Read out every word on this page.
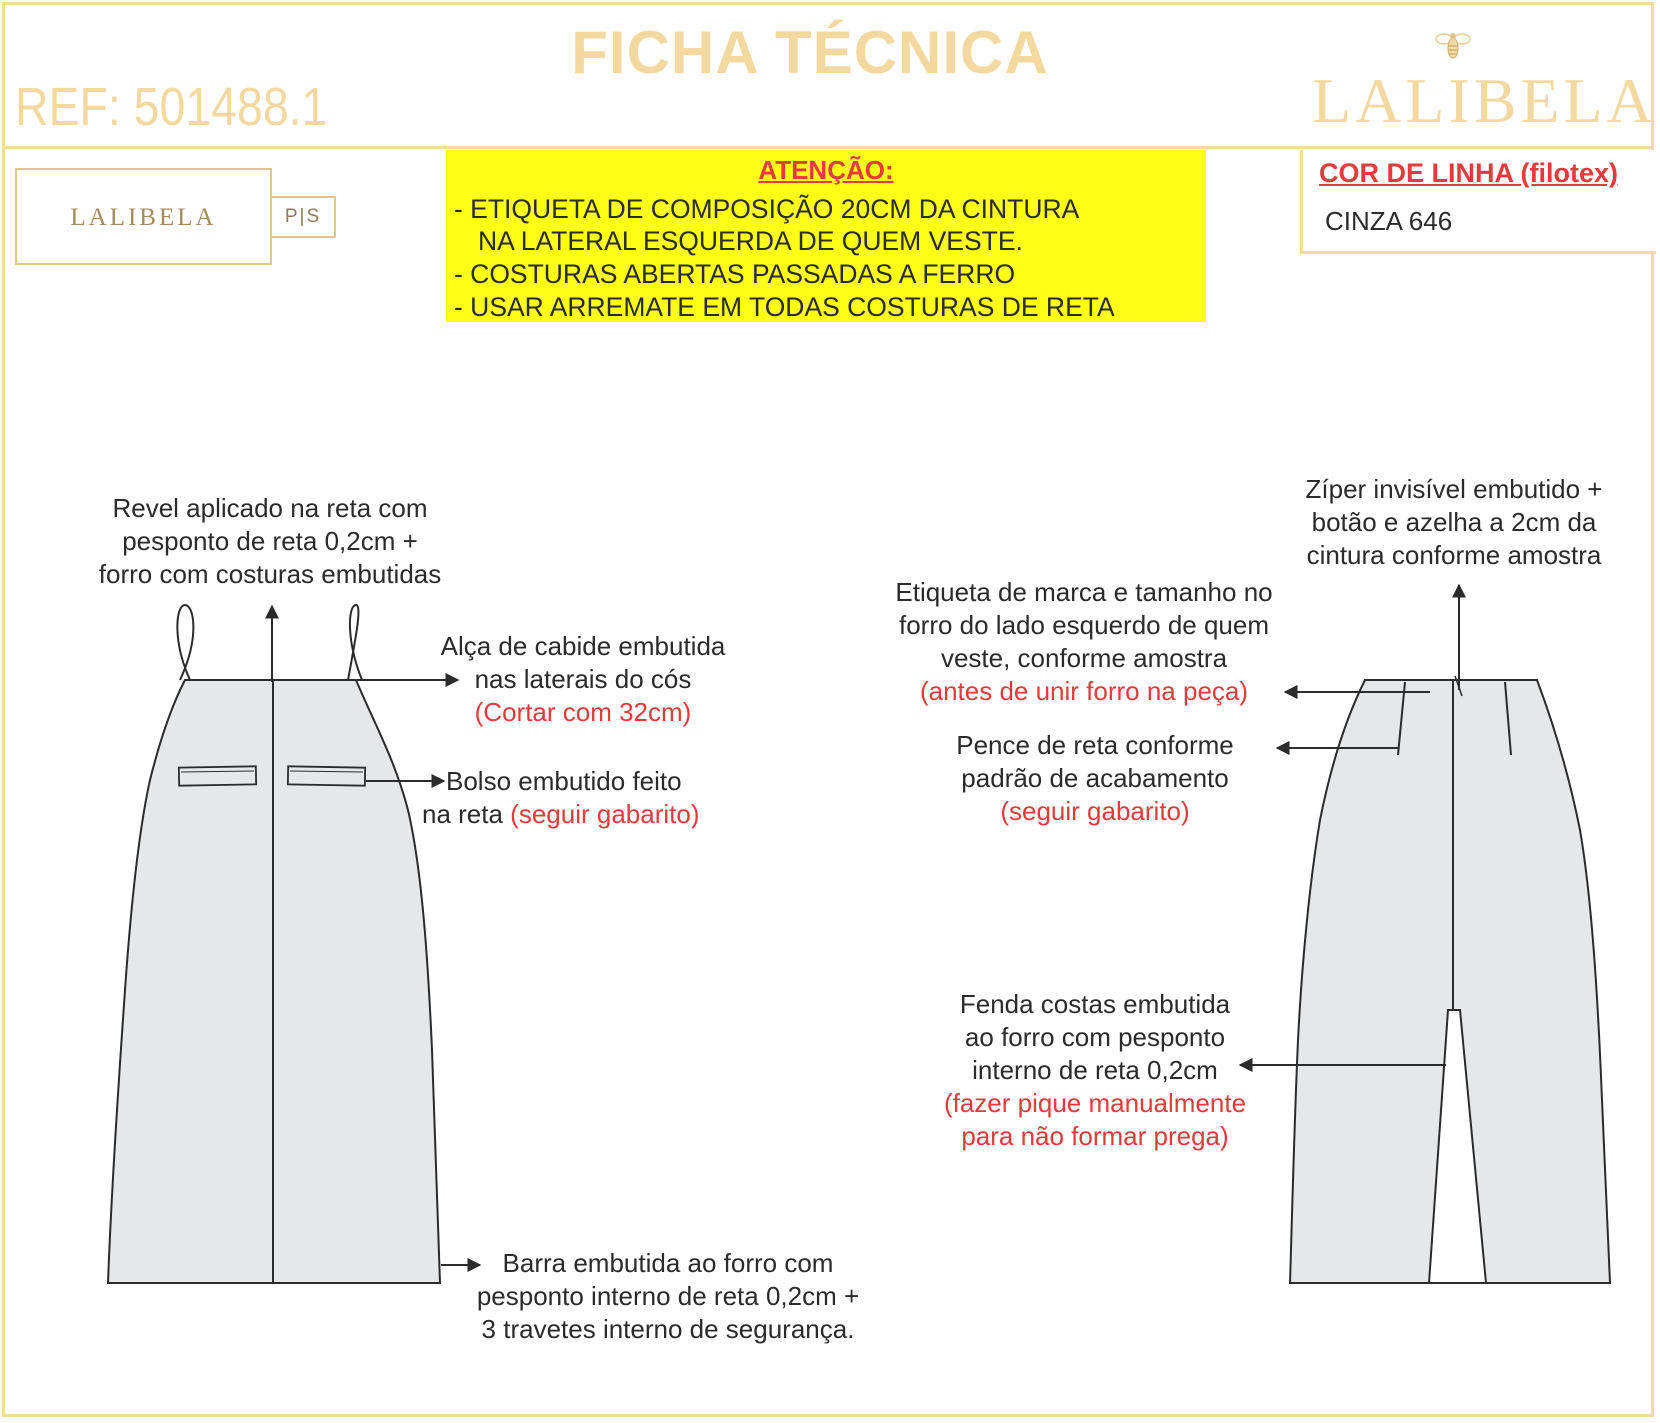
FICHA TÉCNICA
REF: 501488.1	LALIBELA
LALIBELA	P|S
ATENÇÃO:
- ETIQUETA DE COMPOSIÇÃO 20CM DA CINTURA
NA LATERAL ESQUERDA DE QUEM VESTE.
- COSTURAS ABERTAS PASSADAS A FERRO
- USAR ARREMATE EM TODAS COSTURAS DE RETA
COR DE LINHA (filotex)
CINZA 646
Revel aplicado na reta com
pesponto de reta 0,2cm +
forro com costuras embutidas
Alça de cabide embutida
nas laterais do cós
(Cortar com 32cm)
Bolso embutido feito
na reta (seguir gabarito)
Barra embutida ao forro com
pesponto interno de reta 0,2cm +
3 travetes interno de segurança.
Zíper invisível embutido +
botão e azelha a 2cm da
cintura conforme amostra
Etiqueta de marca e tamanho no
forro do lado esquerdo de quem
veste, conforme amostra
(antes de unir forro na peça)
Pence de reta conforme
padrão de acabamento
(seguir gabarito)
Fenda costas embutida
ao forro com pesponto
interno de reta 0,2cm
(fazer pique manualmente
para não formar prega)
